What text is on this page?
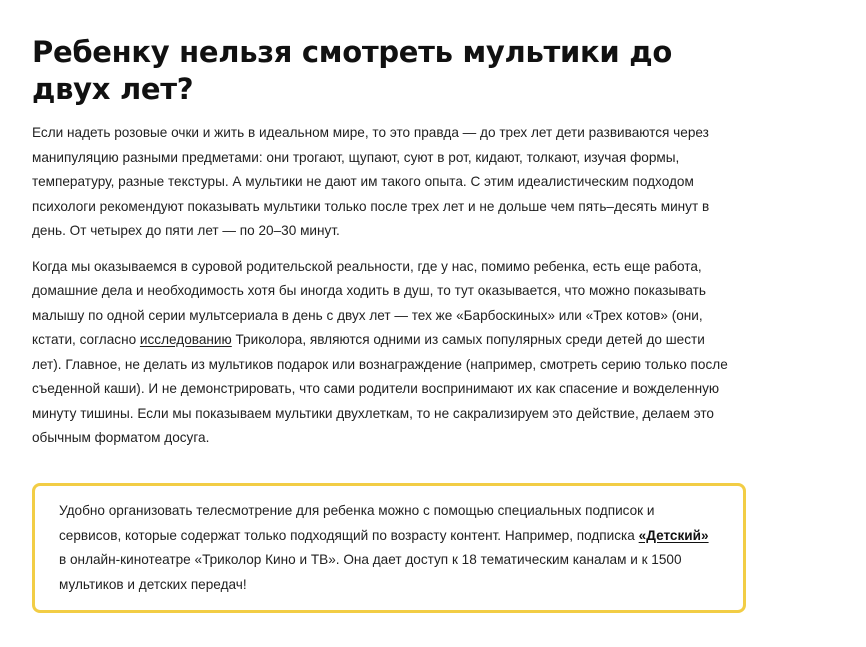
Ребенку нельзя смотреть мультики до двух лет?

Если надеть розовые очки и жить в идеальном мире, то это правда — до трех лет дети развиваются через манипуляцию разными предметами: они трогают, щупают, суют в рот, кидают, толкают, изучая формы, температуру, разные текстуры. А мультики не дают им такого опыта. С этим идеалистическим подходом психологи рекомендуют показывать мультики только после трех лет и не дольше чем пять–десять минут в день. От четырех до пяти лет — по 20–30 минут.

Когда мы оказываемся в суровой родительской реальности, где у нас, помимо ребенка, есть еще работа, домашние дела и необходимость хотя бы иногда ходить в душ, то тут оказывается, что можно показывать малышу по одной серии мультсериала в день с двух лет — тех же «Барбоскиных» или «Трех котов» (они, кстати, согласно исследованию Триколора, являются одними из самых популярных среди детей до шести лет). Главное, не делать из мультиков подарок или вознаграждение (например, смотреть серию только после съеденной каши). И не демонстрировать, что сами родители воспринимают их как спасение и вожделенную минуту тишины. Если мы показываем мультики двухлеткам, то не сакрализируем это действие, делаем это обычным форматом досуга.

Удобно организовать телесмотрение для ребенка можно с помощью специальных подписок и сервисов, которые содержат только подходящий по возрасту контент. Например, подписка «Детский» в онлайн-кинотеатре «Триколор Кино и ТВ». Она дает доступ к 18 тематическим каналам и к 1500 мультиков и детских передач!
